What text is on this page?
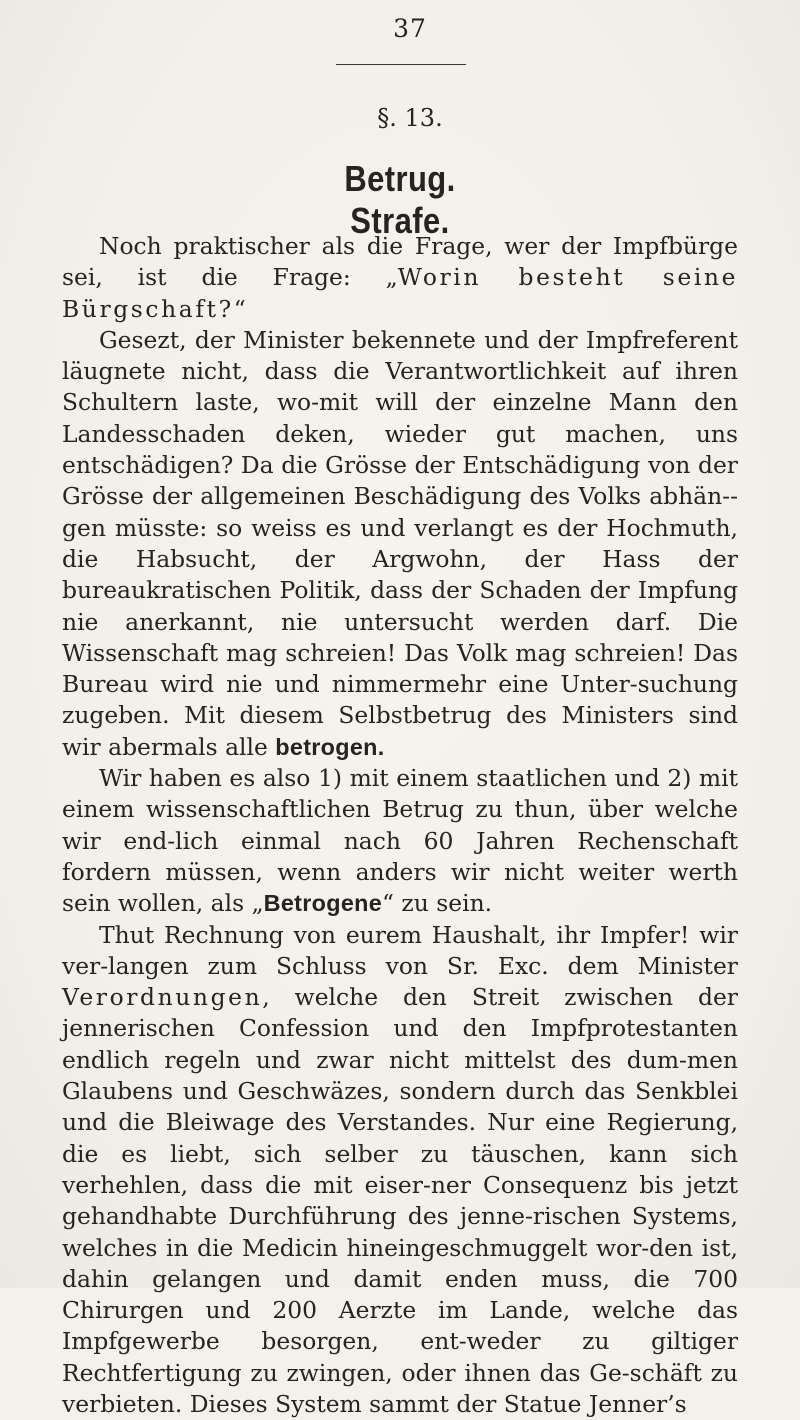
37
§. 13.
Betrug. Strafe.

Noch praktischer als die Frage, wer der Impfbürge sei, ist die Frage: „Worin besteht seine Bürgschaft?“

Gesezt, der Minister bekennete und der Impfreferent läugnete nicht, dass die Verantwortlichkeit auf ihren Schultern laste, wo-mit will der einzelne Mann den Landesschaden deken, wieder gut machen, uns entschädigen? Da die Grösse der Entschädigung von der Grösse der allgemeinen Beschädigung des Volks abhän-gen müsste: so weiss es und verlangt es der Hochmuth, die Habsucht, der Argwohn, der Hass der bureaukratischen Politik, dass der Schaden der Impfung nie anerkannt, nie untersucht werden darf. Die Wissenschaft mag schreien! Das Volk mag schreien! Das Bureau wird nie und nimmermehr eine Unter-suchung zugeben. Mit diesem Selbstbetrug des Ministers sind wir abermals alle betrogen.

Wir haben es also 1) mit einem staatlichen und 2) mit einem wissenschaftlichen Betrug zu thun, über welche wir end-lich einmal nach 60 Jahren Rechenschaft fordern müssen, wenn anders wir nicht weiter werth sein wollen, als „Betrogene“ zu sein.

Thut Rechnung von eurem Haushalt, ihr Impfer! wir ver-langen zum Schluss von Sr. Exc. dem Minister Verordnungen, welche den Streit zwischen der jennerischen Confession und den Impfprotestanten endlich regeln und zwar nicht mittelst des dum-men Glaubens und Geschwäzes, sondern durch das Senkblei und die Bleiwage des Verstandes. Nur eine Regierung, die es liebt, sich selber zu täuschen, kann sich verhehlen, dass die mit eiser-ner Consequenz bis jetzt gehandhabte Durchführung des jenne-rischen Systems, welches in die Medicin hineingeschmuggelt wor-den ist, dahin gelangen und damit enden muss, die 700 Chirurgen und 200 Aerzte im Lande, welche das Impfgewerbe besorgen, ent-weder zu giltiger Rechtfertigung zu zwingen, oder ihnen das Ge-schäft zu verbieten. Dieses System sammt der Statue Jenner’s
